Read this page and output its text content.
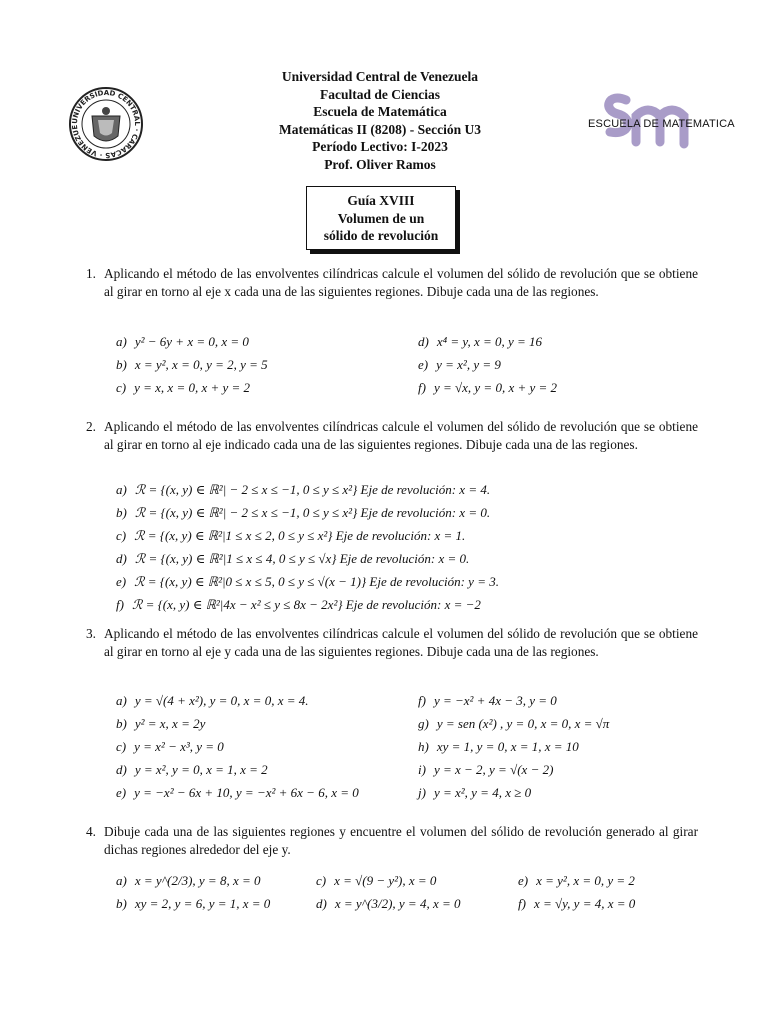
UNIVERSIDAD CENTRAL · CARACAS · VENEZUE
Universidad Central de Venezuela
Facultad de Ciencias
Escuela de Matemática
Matemáticas II (8208) - Sección U3
Período Lectivo: I-2023
Prof. Oliver Ramos
ESCUELA DE MATEMATICA
Guía XVIII
Volumen de un
sólido de revolución
1. Aplicando el método de las envolventes cilíndricas calcule el volumen del sólido de revolución que se obtiene al girar en torno al eje x cada una de las siguientes regiones. Dibuje cada una de las regiones.
a) y² − 6y + x = 0, x = 0
b) x = y², x = 0, y = 2, y = 5
c) y = x, x = 0, x + y = 2
d) x⁴ = y, x = 0, y = 16
e) y = x², y = 9
f) y = √x, y = 0, x + y = 2
2. Aplicando el método de las envolventes cilíndricas calcule el volumen del sólido de revolución que se obtiene al girar en torno al eje indicado cada una de las siguientes regiones. Dibuje cada una de las regiones.
a) ℛ = {(x, y) ∈ ℝ²| − 2 ≤ x ≤ −1, 0 ≤ y ≤ x²} Eje de revolución: x = 4.
b) ℛ = {(x, y) ∈ ℝ²| − 2 ≤ x ≤ −1, 0 ≤ y ≤ x²} Eje de revolución: x = 0.
c) ℛ = {(x, y) ∈ ℝ²|1 ≤ x ≤ 2, 0 ≤ y ≤ x²} Eje de revolución: x = 1.
d) ℛ = {(x, y) ∈ ℝ²|1 ≤ x ≤ 4, 0 ≤ y ≤ √x} Eje de revolución: x = 0.
e) ℛ = {(x, y) ∈ ℝ²|0 ≤ x ≤ 5, 0 ≤ y ≤ √(x − 1)} Eje de revolución: y = 3.
f) ℛ = {(x, y) ∈ ℝ²|4x − x² ≤ y ≤ 8x − 2x²} Eje de revolución: x = −2
3. Aplicando el método de las envolventes cilíndricas calcule el volumen del sólido de revolución que se obtiene al girar en torno al eje y cada una de las siguientes regiones. Dibuje cada una de las regiones.
a) y = √(4 + x²), y = 0, x = 0, x = 4.
b) y² = x, x = 2y
c) y = x² − x³, y = 0
d) y = x², y = 0, x = 1, x = 2
e) y = −x² − 6x + 10, y = −x² + 6x − 6, x = 0
f) y = −x² + 4x − 3, y = 0
g) y = sen (x²) , y = 0, x = 0, x = √π
h) xy = 1, y = 0, x = 1, x = 10
i) y = x − 2, y = √(x − 2)
j) y = x², y = 4, x ≥ 0
4. Dibuje cada una de las siguientes regiones y encuentre el volumen del sólido de revolución generado al girar dichas regiones alrededor del eje y.
a) x = y^(2/3), y = 8, x = 0
b) xy = 2, y = 6, y = 1, x = 0
c) x = √(9 − y²), x = 0
d) x = y^(3/2), y = 4, x = 0
e) x = y², x = 0, y = 2
f) x = √y, y = 4, x = 0
